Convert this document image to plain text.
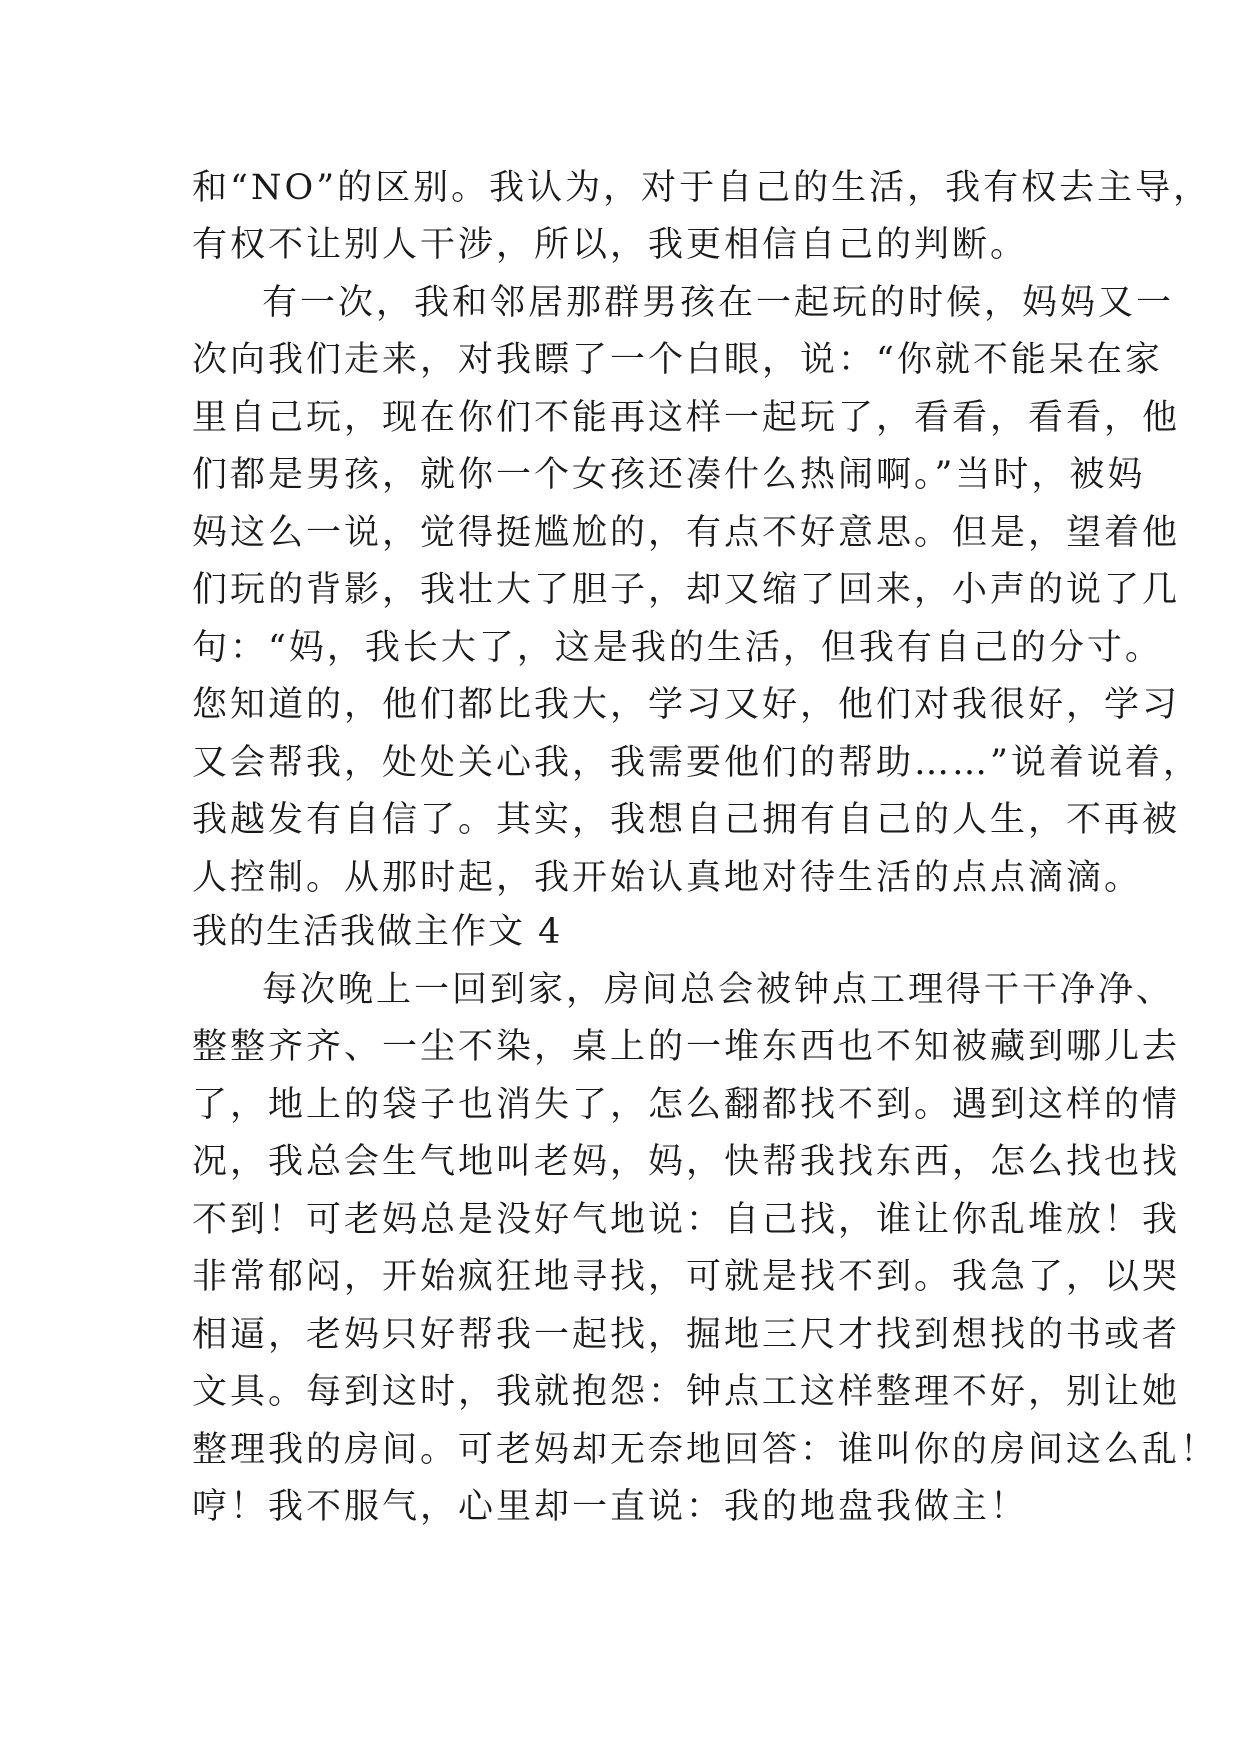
和“NO”的区别。我认为，对于自己的生活，我有权去主导，
有权不让别人干涉，所以，我更相信自己的判断。
有一次，我和邻居那群男孩在一起玩的时候，妈妈又一
次向我们走来，对我瞟了一个白眼，说：“你就不能呆在家
里自己玩，现在你们不能再这样一起玩了，看看，看看，他
们都是男孩，就你一个女孩还凑什么热闹啊。”当时，被妈
妈这么一说，觉得挺尴尬的，有点不好意思。但是，望着他
们玩的背影，我壮大了胆子，却又缩了回来，小声的说了几
句：“妈，我长大了，这是我的生活，但我有自己的分寸。
您知道的，他们都比我大，学习又好，他们对我很好，学习
又会帮我，处处关心我，我需要他们的帮助……”说着说着，
我越发有自信了。其实，我想自己拥有自己的人生，不再被
人控制。从那时起，我开始认真地对待生活的点点滴滴。
我的生活我做主作文 4
每次晚上一回到家，房间总会被钟点工理得干干净净、
整整齐齐、一尘不染，桌上的一堆东西也不知被藏到哪儿去
了，地上的袋子也消失了，怎么翻都找不到。遇到这样的情
况，我总会生气地叫老妈，妈，快帮我找东西，怎么找也找
不到！可老妈总是没好气地说：自己找，谁让你乱堆放！我
非常郁闷，开始疯狂地寻找，可就是找不到。我急了，以哭
相逼，老妈只好帮我一起找，掘地三尺才找到想找的书或者
文具。每到这时，我就抱怨：钟点工这样整理不好，别让她
整理我的房间。可老妈却无奈地回答：谁叫你的房间这么乱！
哼！我不服气，心里却一直说：我的地盘我做主！
